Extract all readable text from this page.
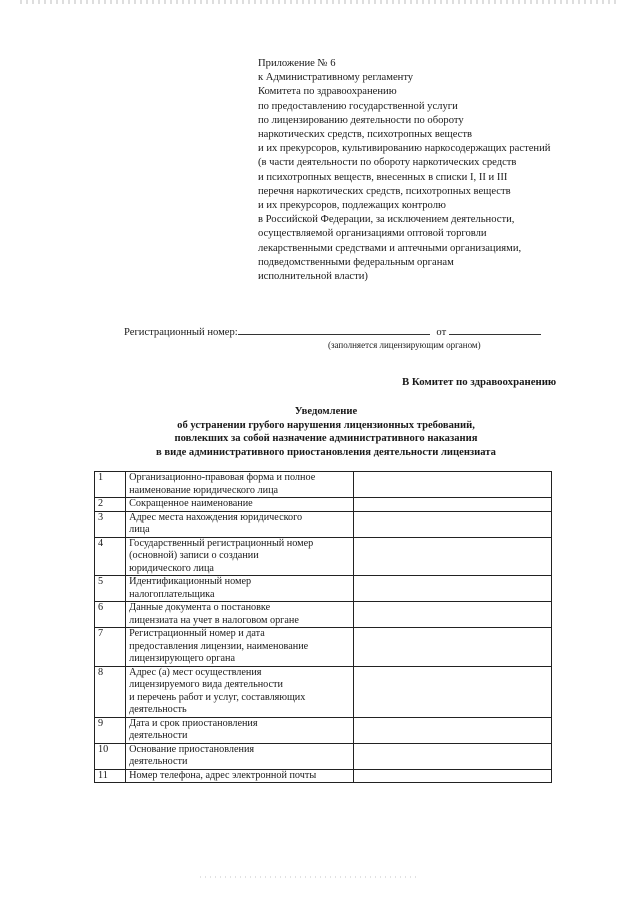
Приложение № 6
к Административному регламенту
Комитета по здравоохранению
по предоставлению государственной услуги
по лицензированию деятельности по обороту
наркотических средств, психотропных веществ
и их прекурсоров, культивированию наркосодержащих растений
(в части деятельности по обороту наркотических средств
и психотропных веществ, внесенных в списки I, II и III
перечня наркотических средств, психотропных веществ
и их прекурсоров, подлежащих контролю
в Российской Федерации, за исключением деятельности,
осуществляемой организациями оптовой торговли
лекарственными средствами и аптечными организациями,
подведомственными федеральным органам
исполнительной власти)
Регистрационный номер:	от
(заполняется лицензирующим органом)
В Комитет по здравоохранению
Уведомление
об устранении грубого нарушения лицензионных требований,
повлекших за собой назначение административного наказания
в виде административного приостановления деятельности лицензиата
1	Организационно-правовая форма и полное
наименование юридического лица	

2	Сокращенное наименование	

3	Адрес места нахождения юридического
лица	

4	Государственный регистрационный номер
(основной) записи о создании
юридического лица	

5	Идентификационный номер
налогоплательщика	

6	Данные документа о постановке
лицензиата на учет в налоговом органе	

7	Регистрационный номер и дата
предоставления лицензии, наименование
лицензирующего органа	

8	Адрес (а) мест осуществления
лицензируемого вида деятельности
и перечень работ и услуг, составляющих
деятельность	

9	Дата и срок приостановления
деятельности	

10	Основание приостановления
деятельности	

11	Номер телефона, адрес электронной почты	
